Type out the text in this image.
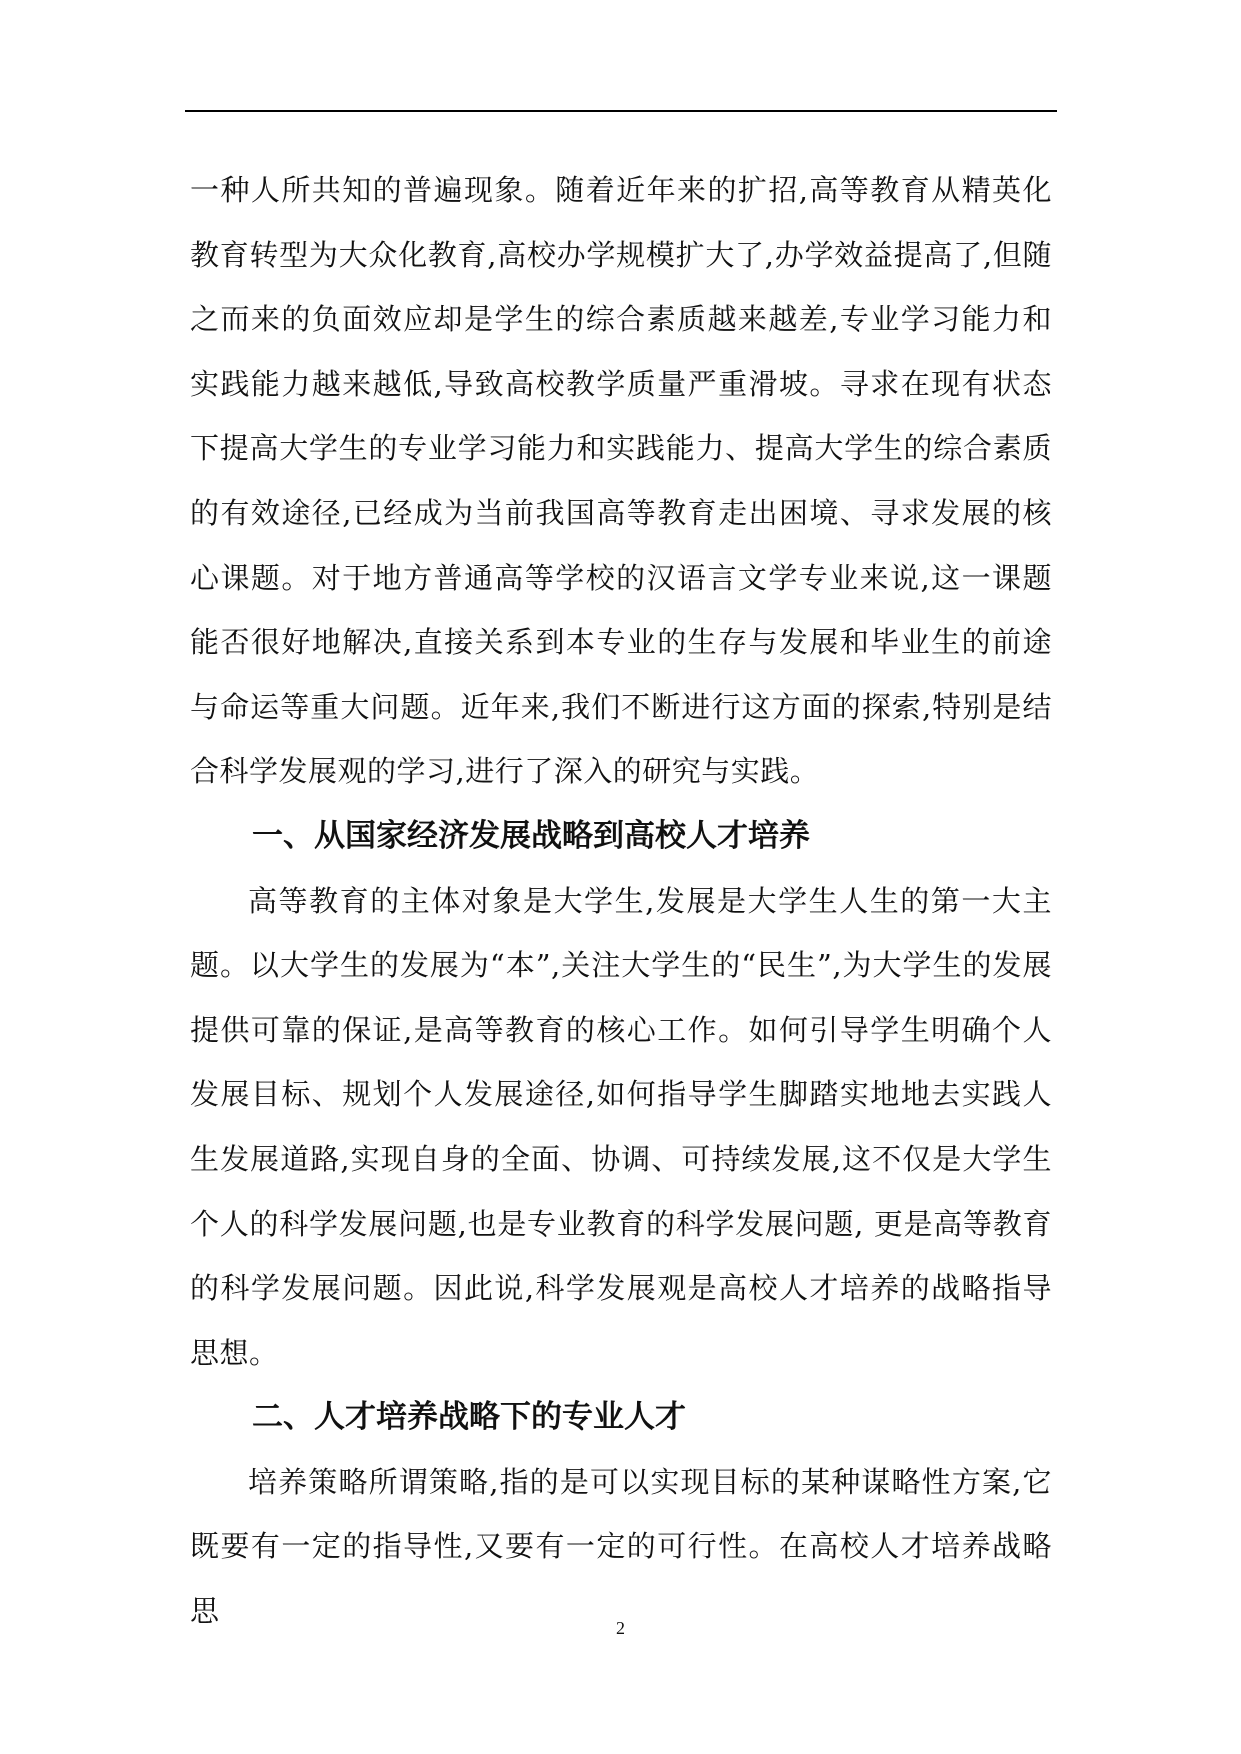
一种人所共知的普遍现象。随着近年来的扩招,高等教育从精英化教育转型为大众化教育,高校办学规模扩大了,办学效益提高了,但随之而来的负面效应却是学生的综合素质越来越差,专业学习能力和实践能力越来越低,导致高校教学质量严重滑坡。寻求在现有状态下提高大学生的专业学习能力和实践能力、提高大学生的综合素质的有效途径,已经成为当前我国高等教育走出困境、寻求发展的核心课题。对于地方普通高等学校的汉语言文学专业来说,这一课题能否很好地解决,直接关系到本专业的生存与发展和毕业生的前途与命运等重大问题。近年来,我们不断进行这方面的探索,特别是结合科学发展观的学习,进行了深入的研究与实践。

一、从国家经济发展战略到高校人才培养

高等教育的主体对象是大学生,发展是大学生人生的第一大主题。以大学生的发展为“本”,关注大学生的“民生”,为大学生的发展提供可靠的保证,是高等教育的核心工作。如何引导学生明确个人发展目标、规划个人发展途径,如何指导学生脚踏实地地去实践人生发展道路,实现自身的全面、协调、可持续发展,这不仅是大学生个人的科学发展问题,也是专业教育的科学发展问题, 更是高等教育的科学发展问题。因此说,科学发展观是高校人才培养的战略指导思想。

二、人才培养战略下的专业人才

培养策略所谓策略,指的是可以实现目标的某种谋略性方案,它既要有一定的指导性,又要有一定的可行性。在高校人才培养战略思	2
